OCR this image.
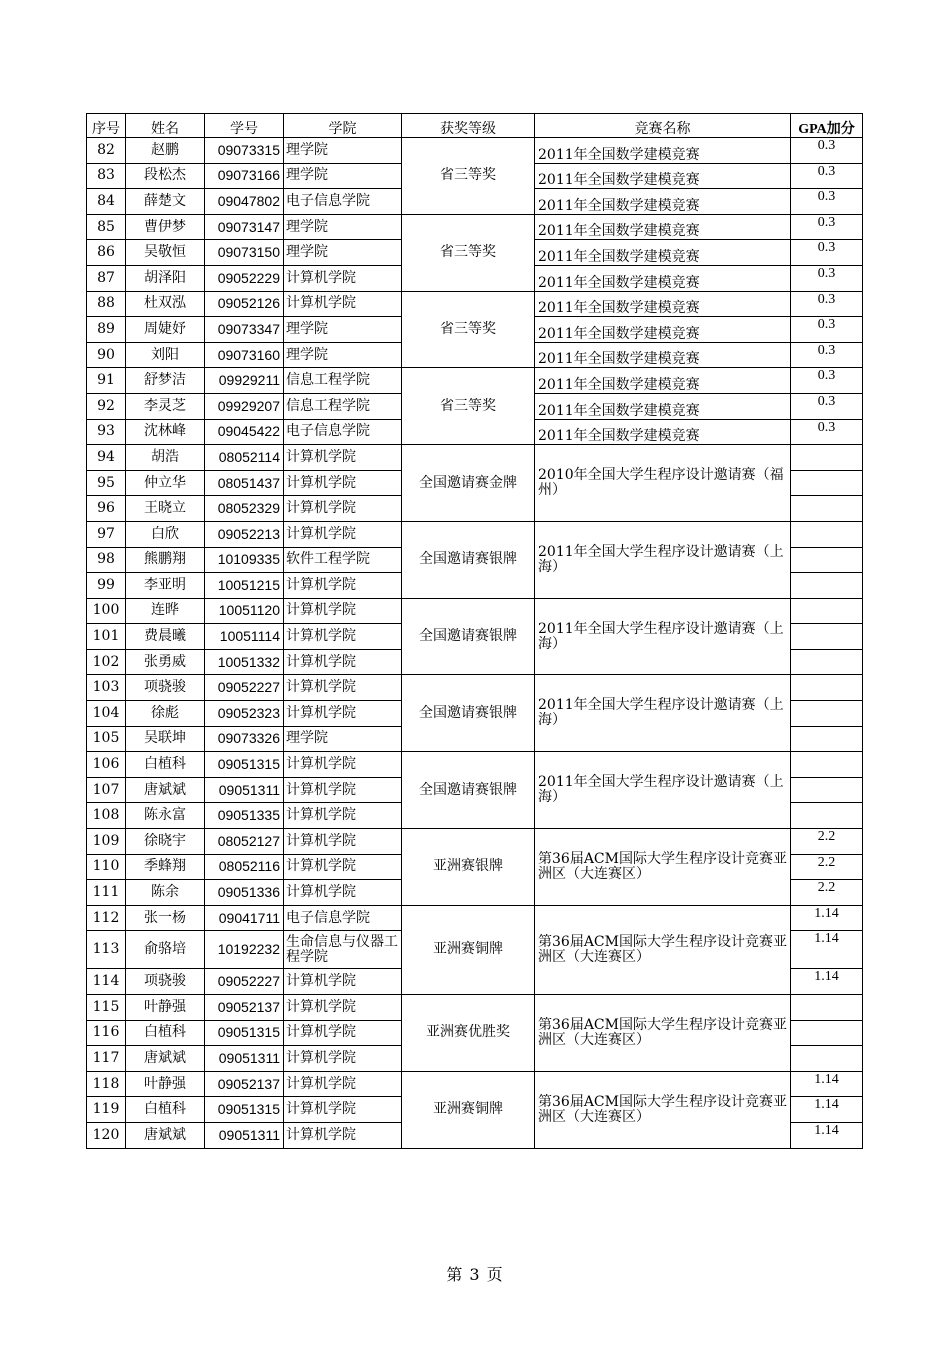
序号	姓名	学号	学院	获奖等级	竞赛名称	GPA加分
82	赵鹏	09073315	理学院	省三等奖	2011年全国数学建模竞赛	0.3
83	段松杰	09073166	理学院		2011年全国数学建模竞赛	0.3
84	薛楚文	09047802	电子信息学院		2011年全国数学建模竞赛	0.3
85	曹伊梦	09073147	理学院	省三等奖	2011年全国数学建模竞赛	0.3
86	吴敬恒	09073150	理学院		2011年全国数学建模竞赛	0.3
87	胡泽阳	09052229	计算机学院		2011年全国数学建模竞赛	0.3
88	杜双泓	09052126	计算机学院	省三等奖	2011年全国数学建模竞赛	0.3
89	周婕妤	09073347	理学院		2011年全国数学建模竞赛	0.3
90	刘阳	09073160	理学院		2011年全国数学建模竞赛	0.3
91	舒梦洁	09929211	信息工程学院	省三等奖	2011年全国数学建模竞赛	0.3
92	李灵芝	09929207	信息工程学院		2011年全国数学建模竞赛	0.3
93	沈林峰	09045422	电子信息学院		2011年全国数学建模竞赛	0.3
94	胡浩	08052114	计算机学院	全国邀请赛金牌	2010年全国大学生程序设计邀请赛（福州）	
95	仲立华	08051437	计算机学院			
96	王晓立	08052329	计算机学院			
97	白欣	09052213	计算机学院	全国邀请赛银牌	2011年全国大学生程序设计邀请赛（上海）	
98	熊鹏翔	10109335	软件工程学院			
99	李亚明	10051215	计算机学院			
100	连晔	10051120	计算机学院	全国邀请赛银牌	2011年全国大学生程序设计邀请赛（上海）	
101	费晨曦	10051114	计算机学院			
102	张勇威	10051332	计算机学院			
103	项骁骏	09052227	计算机学院	全国邀请赛银牌	2011年全国大学生程序设计邀请赛（上海）	
104	徐彪	09052323	计算机学院			
105	吴联坤	09073326	理学院			
106	白植科	09051315	计算机学院	全国邀请赛银牌	2011年全国大学生程序设计邀请赛（上海）	
107	唐斌斌	09051311	计算机学院			
108	陈永富	09051335	计算机学院			
109	徐晓宇	08052127	计算机学院	亚洲赛银牌	第36届ACM国际大学生程序设计竞赛亚洲区（大连赛区）	2.2
110	季蜂翔	08052116	计算机学院			2.2
111	陈余	09051336	计算机学院			2.2
112	张一杨	09041711	电子信息学院	亚洲赛铜牌	第36届ACM国际大学生程序设计竞赛亚洲区（大连赛区）	1.14
113	俞骆培	10192232	生命信息与仪器工程学院			1.14
114	项骁骏	09052227	计算机学院			1.14
115	叶静强	09052137	计算机学院	亚洲赛优胜奖	第36届ACM国际大学生程序设计竞赛亚洲区（大连赛区）	
116	白植科	09051315	计算机学院			
117	唐斌斌	09051311	计算机学院			
118	叶静强	09052137	计算机学院	亚洲赛铜牌	第36届ACM国际大学生程序设计竞赛亚洲区（大连赛区）	1.14
119	白植科	09051315	计算机学院			1.14
120	唐斌斌	09051311	计算机学院			1.14
第 3 页
